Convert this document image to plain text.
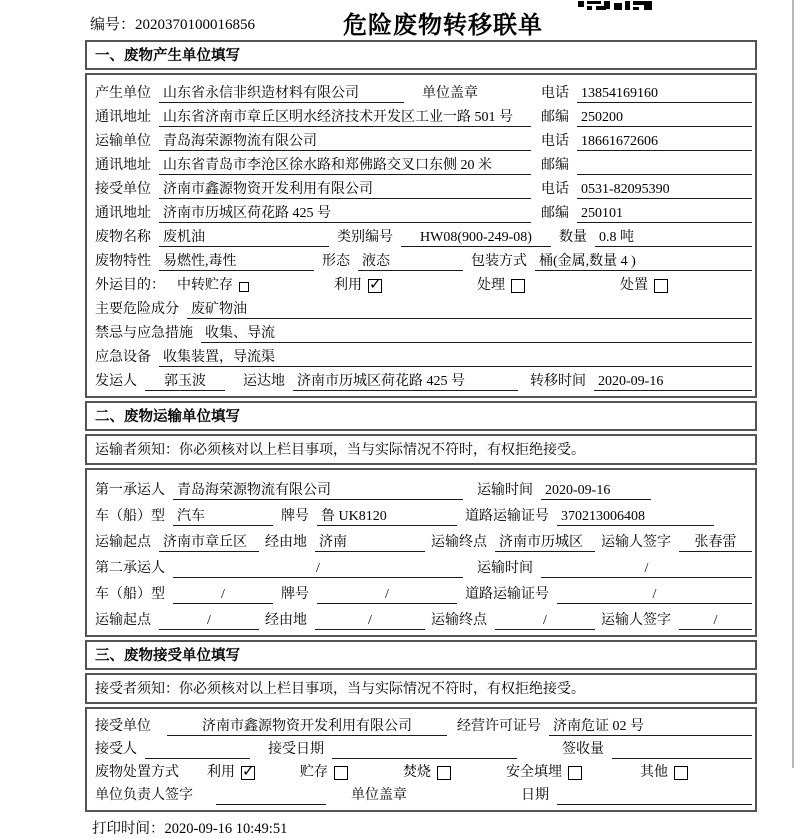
编号：2020370100016856	危险废物转移联单
一、废物产生单位填写
产生单位 山东省永信非织造材料有限公司	单位盖章	电话 13854169160
通讯地址 山东省济南市章丘区明水经济技术开发区工业一路 501 号	邮编 250200
运输单位 青岛海荣源物流有限公司	电话 18661672606
通讯地址 山东省青岛市李沧区徐水路和郑佛路交叉口东侧 20 米	邮编
接受单位 济南市鑫源物资开发利用有限公司	电话 0531-82095390
通讯地址 济南市历城区荷花路 425 号	邮编 250101
废物名称 废机油	类别编号	HW08(900-249-08)	数量 0.8 吨
废物特性 易燃性,毒性	形态 液态	包装方式 桶(金属,数量 4 )
外运目的： 中转贮存	利用 ✓	处理	处置
主要危险成分 废矿物油
禁忌与应急措施 收集、导流
应急设备 收集装置，导流渠
发运人	郭玉波	运达地 济南市历城区荷花路 425 号	转移时间 2020-09-16
二、废物运输单位填写
运输者须知：你必须核对以上栏目事项，当与实际情况不符时，有权拒绝接受。
第一承运人 青岛海荣源物流有限公司	运输时间 2020-09-16
车（船）型 汽车	牌号 鲁 UK8120	道路运输证号 370213006408
运输起点 济南市章丘区	经由地 济南	运输终点 济南市历城区	运输人签字	张春雷
第二承运人	/	运输时间	/
车（船）型	/	牌号	/	道路运输证号	/
运输起点	/	经由地	/	运输终点	/	运输人签字	/
三、废物接受单位填写
接受者须知：你必须核对以上栏目事项，当与实际情况不符时，有权拒绝接受。
接受单位	济南市鑫源物资开发利用有限公司	经营许可证号 济南危证 02 号
接受人	接受日期	签收量
废物处置方式 利用 ✓	贮存	焚烧	安全填埋	其他
单位负责人签字	单位盖章	日期
打印时间：2020-09-16 10:49:51
